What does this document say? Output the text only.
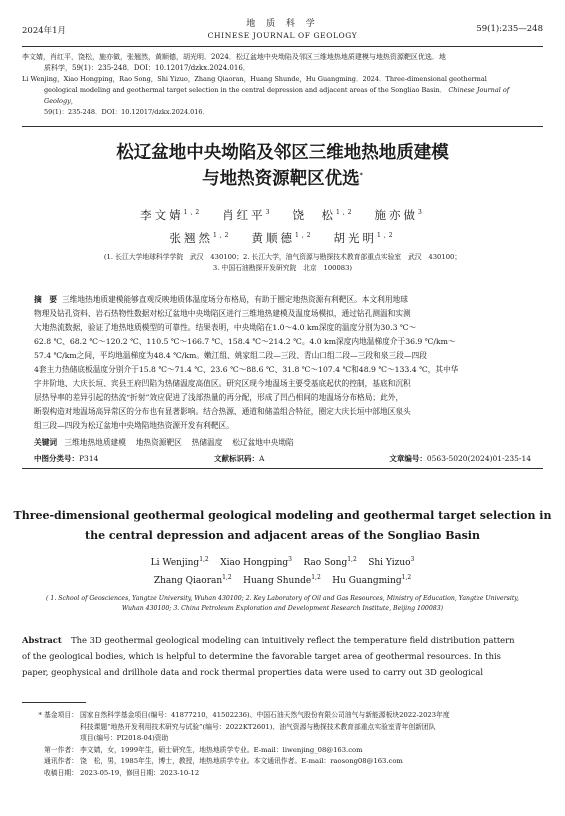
2024年1月
地 质 科 学
CHINESE JOURNAL OF GEOLOGY
59(1):235—248
李文婧，肖红平，饶松，施亦做，张翘然，黄顺德，胡光明．2024．松辽盆地中央坳陷及邻区三维地热地质建模与地热资源靶区优选．地
质科学，59(1)：235-248．DOI：10.12017/dzkx.2024.016．
Li Wenjing，Xiao Hongping，Rao Song，Shi Yizuo，Zhang Qiaoran，Huang Shunde，Hu Guangming．2024．Three-dimensional geothermal
geological modeling and geothermal target selection in the central depression and adjacent areas of the Songliao Basin． Chinese Journal of Geology，
59(1)：235-248．DOI：10.12017/dzkx.2024.016．
松辽盆地中央坳陷及邻区三维地热地质建模
与地热资源靶区优选*
李文婧$^{1,2}$ 肖红平$^3$ 饶　松$^{1,2}$ 施亦做$^3$
张翘然$^{1,2}$ 黄顺德$^{1,2}$ 胡光明$^{1,2}$
(1. 长江大学地球科学学院　武汉　430100；2. 长江大学，油气资源与勘探技术教育部重点实验室　武汉　430100；
3. 中国石油勘探开发研究院　北京　100083)
摘　要 三维地热地质建模能够直观反映地质体温度场分布格局，有助于圈定地热资源有利靶区。本文利用地球
物理及钻孔资料、岩石热物性数据对松辽盆地中央坳陷区进行三维地热建模及温度场模拟，通过钻孔测温和实测
大地热流数据，验证了地热地质模型的可靠性。结果表明，中央坳陷在1.0～4.0 km深度的温度分别为30.3 ℃～
62.8 ℃、68.2 ℃～120.2 ℃、110.5 ℃～166.7 ℃、158.4 ℃～214.2 ℃。4.0 km深度内地温梯度介于36.9 ℃/km～
57.4 ℃/km之间，平均地温梯度为48.4 ℃/km。嫩江组、姚家组二段—三段、青山口组二段—三段和泉三段—四段
4套主力热储底板温度分别介于15.8 ℃～71.4 ℃、23.6 ℃～88.6 ℃、31.8 ℃～107.4 ℃和48.9 ℃～133.4 ℃，其中华
字井阶地、大庆长垣、宾县王府凹陷为热储温度高值区。研究区现今地温场主要受基底起伏的控制，基底和沉积
层热导率的差异引起的热流“折射”效应促进了浅部热量的再分配，形成了凹凸相间的地温场分布格局；此外，
断裂构造对地温场高异常区的分布也有显著影响。结合热源、通道和储盖组合特征，圈定大庆长垣中部地区泉头
组三段—四段为松辽盆地中央坳陷地热资源开发有利靶区。
关键词 三维地热地质建模 地热资源靶区 热储温度 松辽盆地中央坳陷
中图分类号：P314	文献标识码：A	文章编号：0563-5020(2024)01-235-14
Three-dimensional geothermal geological modeling and geothermal target selection in
the central depression and adjacent areas of the Songliao Basin
Li Wenjing$^{1,2}$ Xiao Hongping$^3$ Rao Song$^{1,2}$ Shi Yizuo$^3$
Zhang Qiaoran$^{1,2}$ Huang Shunde$^{1,2}$ Hu Guangming$^{1,2}$
( 1. School of Geosciences, Yangtze University, Wuhan 430100; 2. Key Laboratory of Oil and Gas Resources, Ministry of Education, Yangtze University,
Wuhan 430100; 3. China Petroleum Exploration and Development Research Institute, Beijing 100083)
Abstract The 3D geothermal geological modeling can intuitively reflect the temperature field distribution pattern
of the geological bodies, which is helpful to determine the favorable target area of geothermal resources. In this
paper, geophysical and drillhole data and rock thermal properties data were used to carry out 3D geological
* 基金项目： 国家自然科学基金项目(编号：41877210，41502236)、中国石油天然气股份有限公司油气与新能源板块2022-2023年度
科技课题“地热开发利用技术研究与试验”(编号：2022KT2601)、油气资源与勘探技术教育部重点实验室青年创新团队
项目(编号：PI2018-04)资助
第一作者： 李文婧，女，1999年生，硕士研究生，地热地质学专业。E-mail：liwenjing_08@163.com
通讯作者： 饶　松，男，1985年生，博士，教授，地热地质学专业。本文通讯作者。E-mail：raosong08@163.com
收稿日期： 2023-05-19，修回日期：2023-10-12
